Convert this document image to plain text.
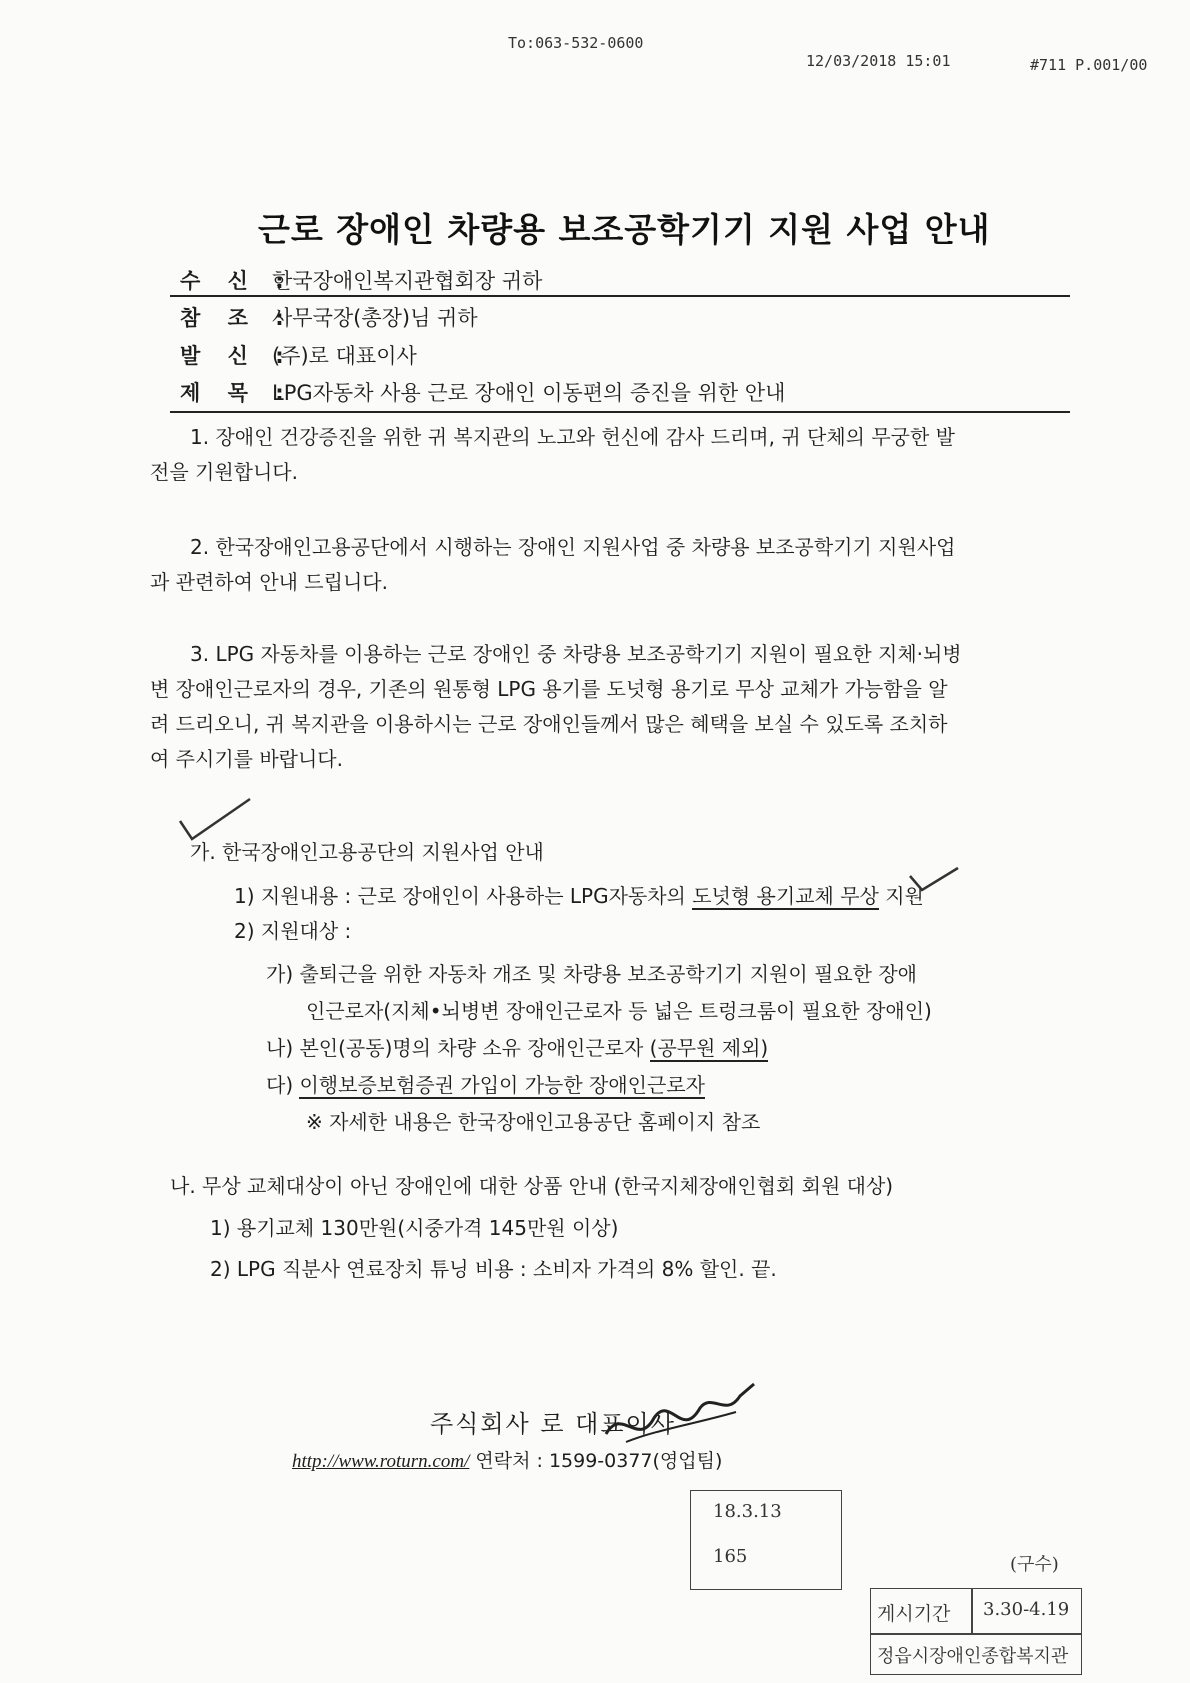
To:063-532-0600
12/03/2018 15:01	#711 P.001/00
근로 장애인 차량용 보조공학기기 지원 사업 안내
수 신 :한국장애인복지관협회장 귀하
참 조 :사무국장(총장)님 귀하
발 신 :(주)로 대표이사
제 목 :LPG자동차 사용 근로 장애인 이동편의 증진을 위한 안내
1. 장애인 건강증진을 위한 귀 복지관의 노고와 헌신에 감사 드리며, 귀 단체의 무궁한 발
전을 기원합니다.
2. 한국장애인고용공단에서 시행하는 장애인 지원사업 중 차량용 보조공학기기 지원사업
과 관련하여 안내 드립니다.
3. LPG 자동차를 이용하는 근로 장애인 중 차량용 보조공학기기 지원이 필요한 지체·뇌병
변 장애인근로자의 경우, 기존의 원통형 LPG 용기를 도넛형 용기로 무상 교체가 가능함을 알
려 드리오니, 귀 복지관을 이용하시는 근로 장애인들께서 많은 혜택을 보실 수 있도록 조치하
여 주시기를 바랍니다.
가. 한국장애인고용공단의 지원사업 안내
1) 지원내용 : 근로 장애인이 사용하는 LPG자동차의 도넛형 용기교체 무상 지원
2) 지원대상 :
가) 출퇴근을 위한 자동차 개조 및 차량용 보조공학기기 지원이 필요한 장애
인근로자(지체•뇌병변 장애인근로자 등 넓은 트렁크룸이 필요한 장애인)
나) 본인(공동)명의 차량 소유 장애인근로자 (공무원 제외)
다) 이행보증보험증권 가입이 가능한 장애인근로자
※ 자세한 내용은 한국장애인고용공단 홈페이지 참조
나. 무상 교체대상이 아닌 장애인에 대한 상품 안내 (한국지체장애인협회 회원 대상)
1) 용기교체 130만원(시중가격 145만원 이상)
2) LPG 직분사 연료장치 튜닝 비용 : 소비자 가격의 8% 할인. 끝.
주식회사 로 대표이사
http://www.roturn.com/ 연락처 : 1599-0377(영업팀)
18.3.13
165	(구수)
게시기간 3.30-4.19
정읍시장애인종합복지관
